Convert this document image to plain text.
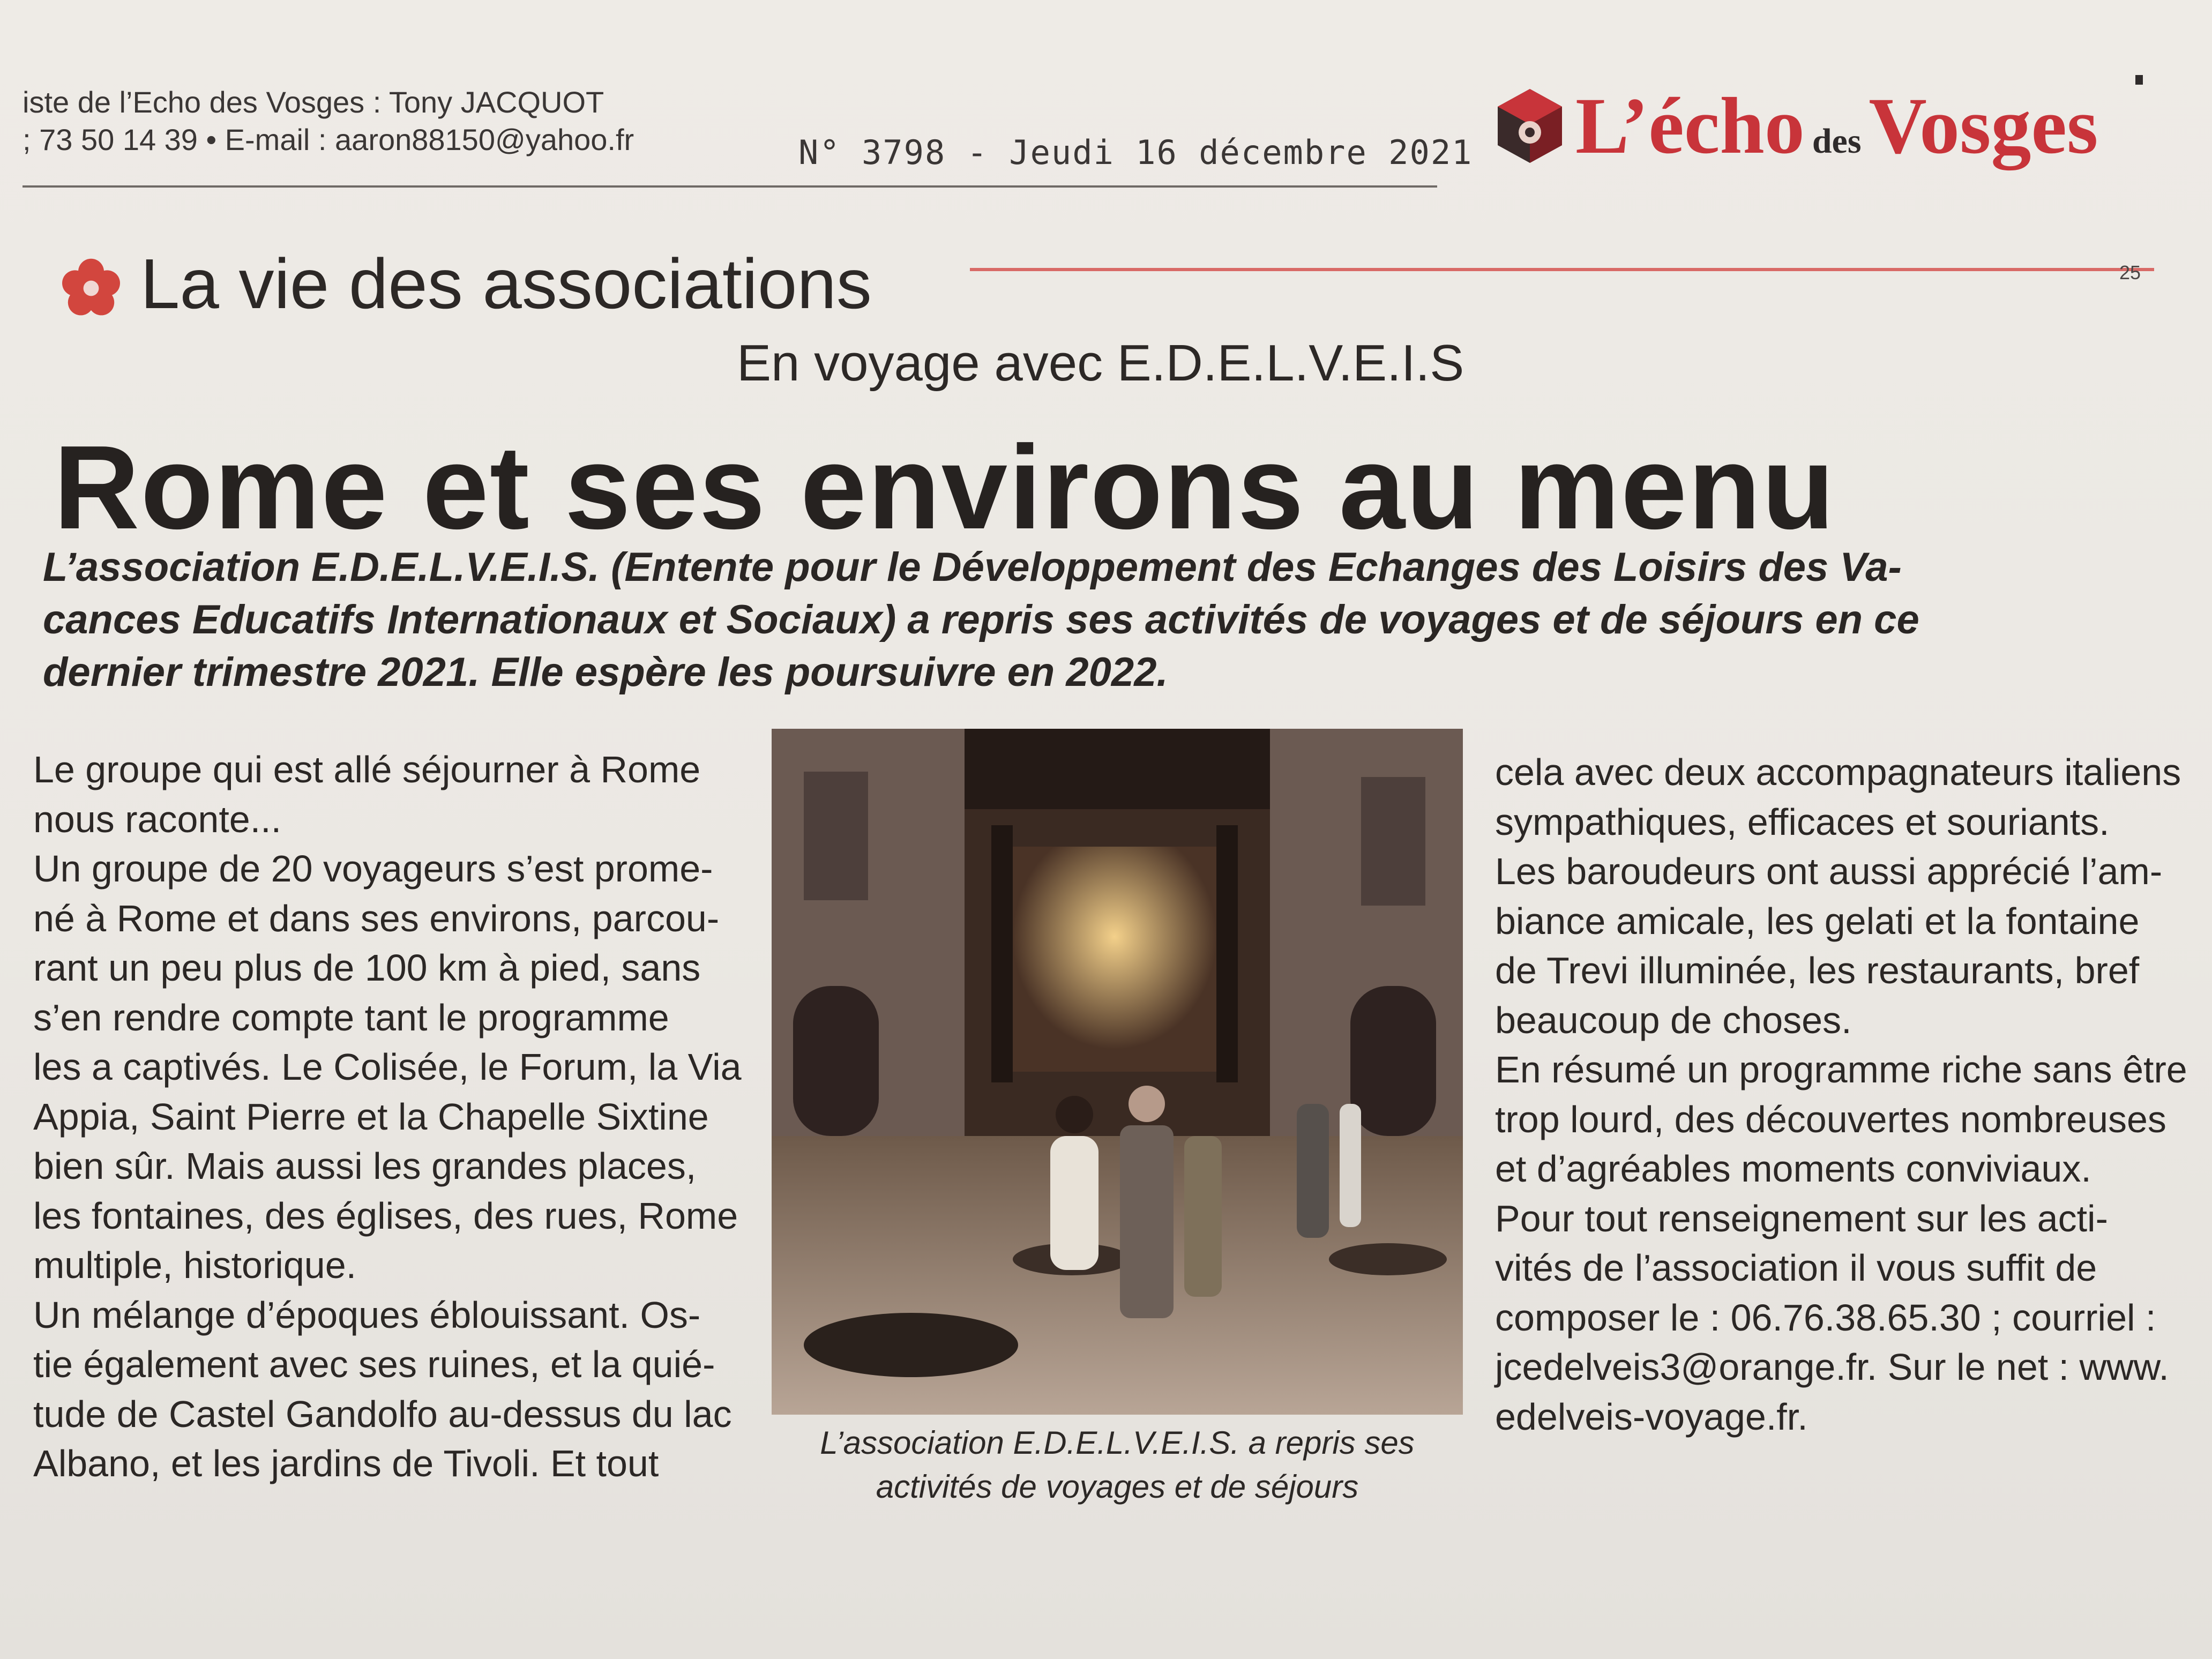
iste de l’Echo des Vosges : Tony JACQUOT
; 73 50 14 39 • E-mail : aaron88150@yahoo.fr	N° 3798 - Jeudi 16 décembre 2021 L’écho desVosges
La vie des associations	25
En voyage avec E.D.E.L.V.E.I.S
Rome et ses environs au menu
L’association E.D.E.L.V.E.I.S. (Entente pour le Développement des Echanges des Loisirs des Va-
cances Educatifs Internationaux et Sociaux) a repris ses activités de voyages et de séjours en ce
dernier trimestre 2021. Elle espère les poursuivre en 2022.
Le groupe qui est allé séjourner à Rome
nous raconte...
Un groupe de 20 voyageurs s’est prome-
né à Rome et dans ses environs, parcou-
rant un peu plus de 100 km à pied, sans
s’en rendre compte tant le programme
les a captivés. Le Colisée, le Forum, la Via
Appia, Saint Pierre et la Chapelle Sixtine
bien sûr. Mais aussi les grandes places,
les fontaines, des églises, des rues, Rome
multiple, historique.
Un mélange d’époques éblouissant. Os-
tie également avec ses ruines, et la quié-
tude de Castel Gandolfo au-dessus du lac
Albano, et les jardins de Tivoli. Et tout	L’association E.D.E.L.V.E.I.S. a repris ses
activités de voyages et de séjours
cela avec deux accompagnateurs italiens
sympathiques, efficaces et souriants.
Les baroudeurs ont aussi apprécié l’am-
biance amicale, les gelati et la fontaine
de Trevi illuminée, les restaurants, bref
beaucoup de choses.
En résumé un programme riche sans être
trop lourd, des découvertes nombreuses
et d’agréables moments conviviaux.
Pour tout renseignement sur les acti-
vités de l’association il vous suffit de
composer le : 06.76.38.65.30 ; courriel :
jcedelveis3@orange.fr. Sur le net : www.
edelveis-voyage.fr.
